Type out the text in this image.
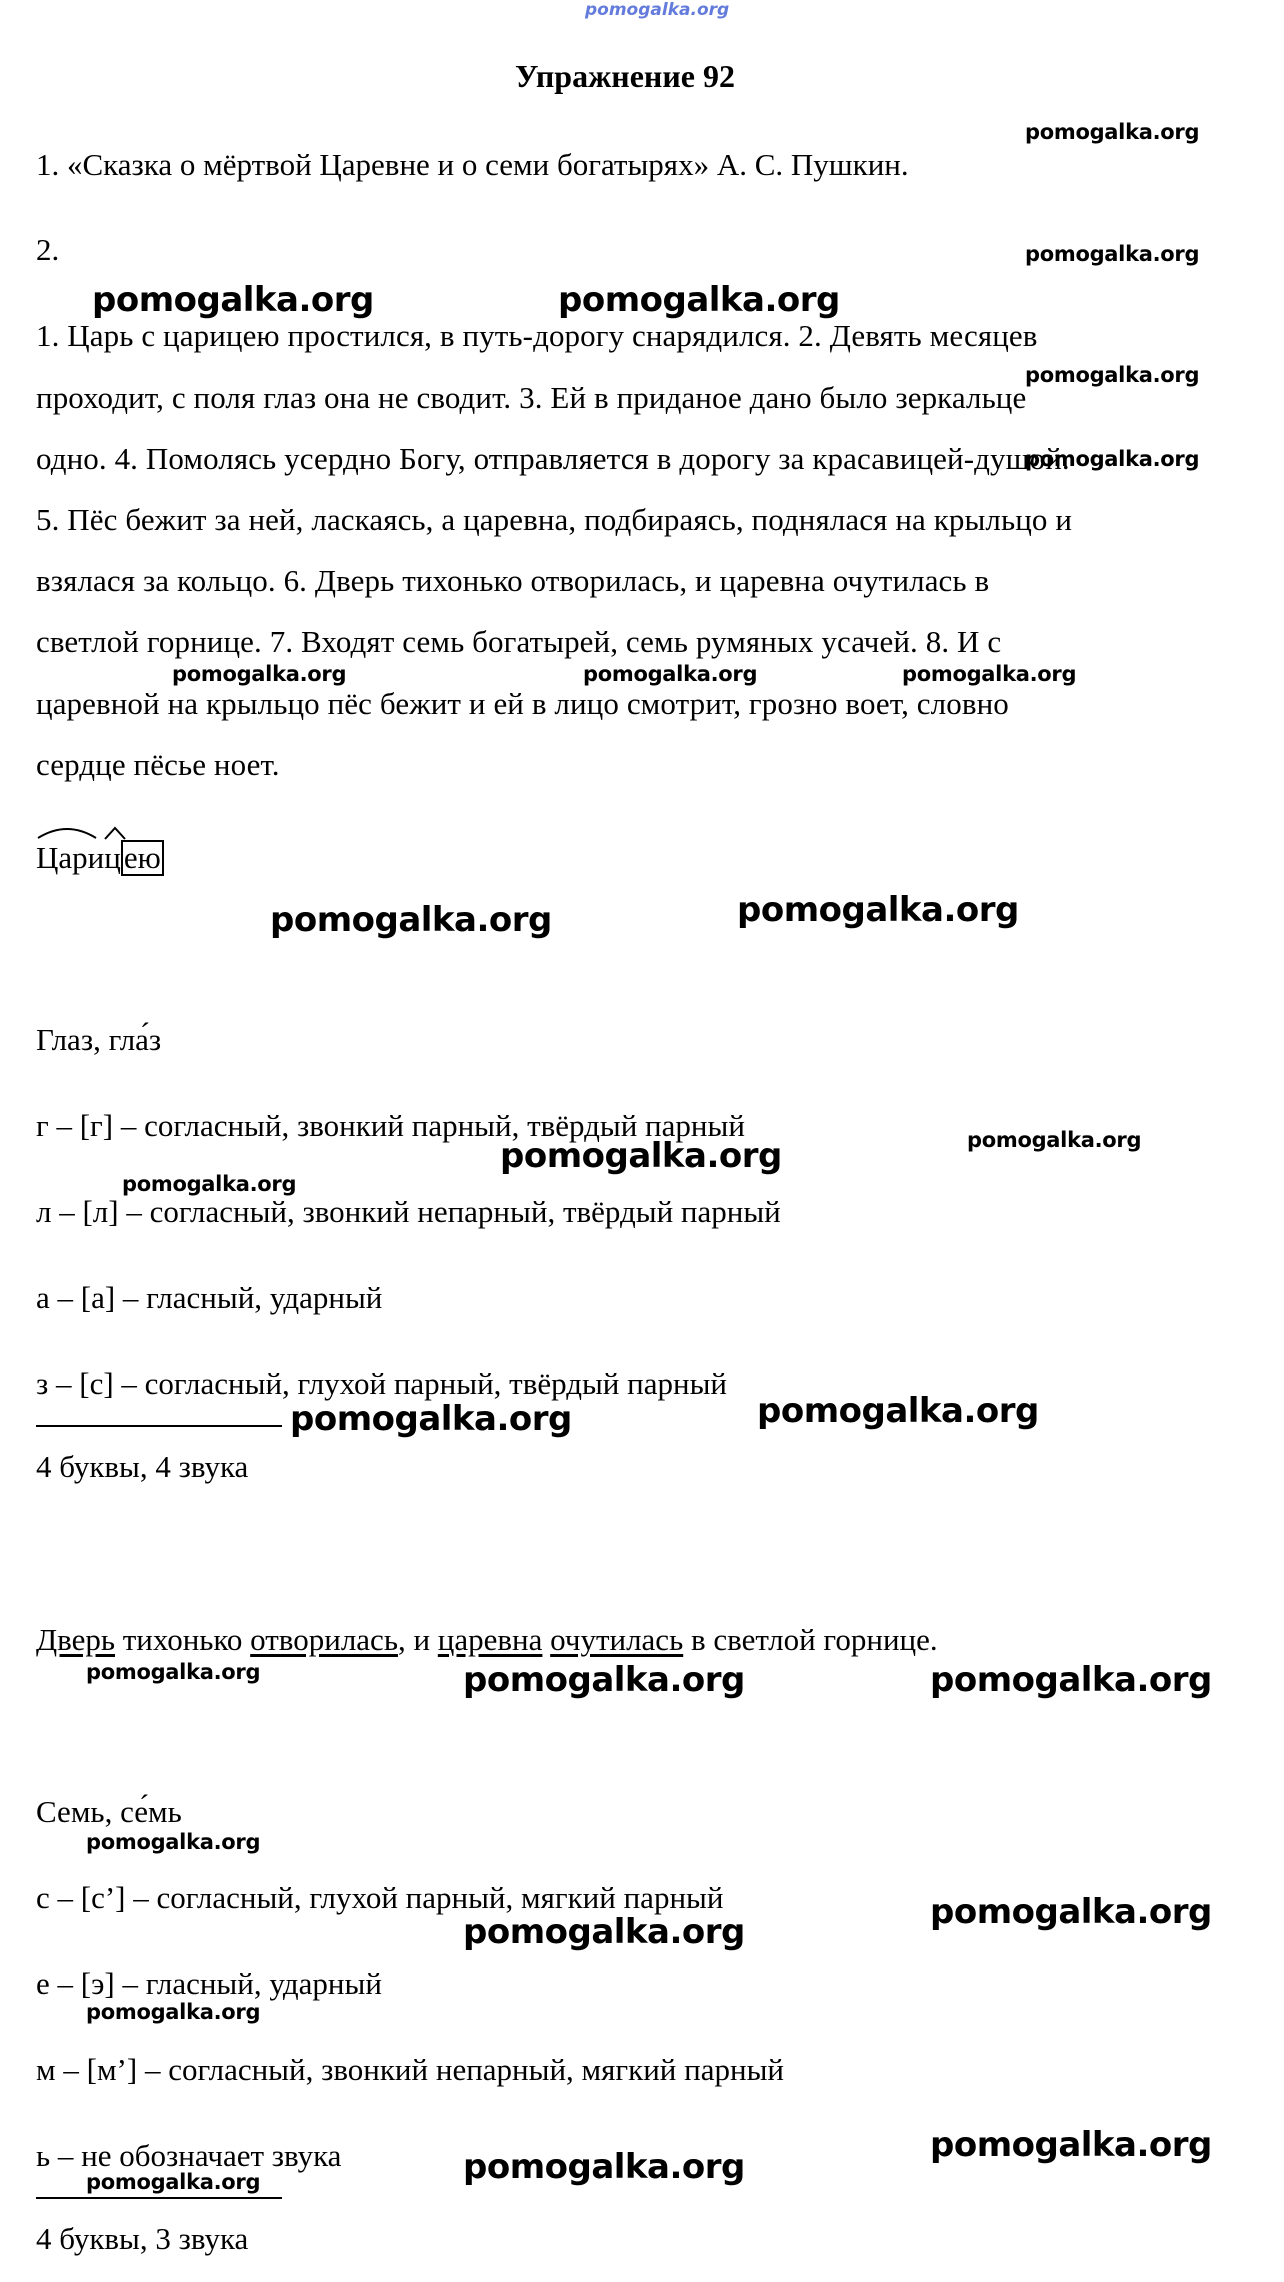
pomogalka.org
Упражнение 92
1. «Сказка о мёртвой Царевне и о семи богатырях» А. С. Пушкин.
2.
1. Царь с царицею простился, в путь-дорогу снарядился. 2. Девять месяцев
проходит, с поля глаз она не сводит. 3. Ей в приданое дано было зеркальце
одно. 4. Помолясь усердно Богу, отправляется в дорогу за красавицей-душой.
5. Пёс бежит за ней, ласкаясь, а царевна, подбираясь, поднялася на крыльцо и
взялася за кольцо. 6. Дверь тихонько отворилась, и царевна очутилась в
светлой горнице. 7. Входят семь богатырей, семь румяных усачей. 8. И с
царевной на крыльцо пёс бежит и ей в лицо смотрит, грозно воет, словно
сердце пёсье ноет.
Цари
цею
Глаз, гла́з
г – [г] – согласный, звонкий парный, твёрдый парный
л – [л] – согласный, звонкий непарный, твёрдый парный
а – [а] – гласный, ударный
з – [с] – согласный, глухой парный, твёрдый парный
4 буквы, 4 звука
Дверь тихонько отворилась, и царевна очутилась в светлой горнице.
Семь, се́мь
с – [с’] – согласный, глухой парный, мягкий парный
е – [э] – гласный, ударный
м – [м’] – согласный, звонкий непарный, мягкий парный
ь – не обозначает звука
4 буквы, 3 звука
pomogalka.org
pomogalka.org
pomogalka.org	pomogalka.org
pomogalka.org
pomogalka.org
pomogalka.org	pomogalka.org	pomogalka.org
pomogalka.org	pomogalka.org
pomogalka.org
pomogalka.org
pomogalka.org
pomogalka.org	pomogalka.org
pomogalka.org	pomogalka.org	pomogalka.org
pomogalka.org
pomogalka.org
pomogalka.org
pomogalka.org
pomogalka.org
pomogalka.org
pomogalka.org
